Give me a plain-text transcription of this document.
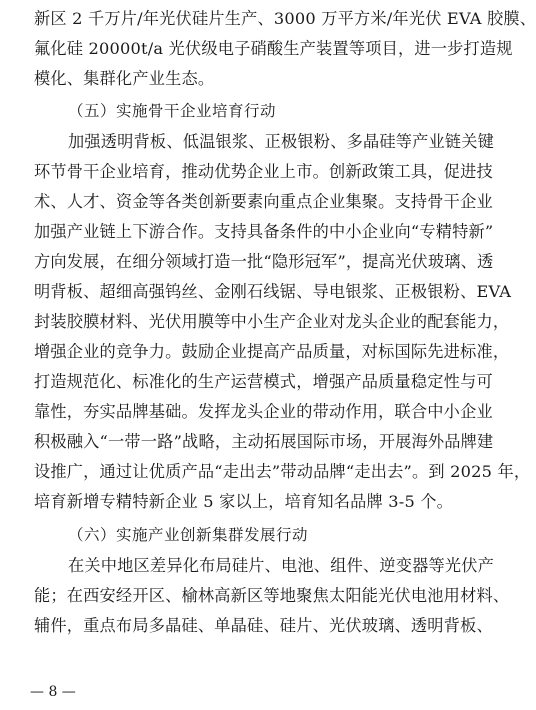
新区 2 千万片/年光伏硅片生产、3000 万平方米/年光伏 EVA 胶膜、
氟化硅 20000t/a 光伏级电子硝酸生产装置等项目，进一步打造规
模化、集群化产业生态。
（五）实施骨干企业培育行动
加强透明背板、低温银浆、正极银粉、多晶硅等产业链关键
环节骨干企业培育，推动优势企业上市。创新政策工具，促进技
术、人才、资金等各类创新要素向重点企业集聚。支持骨干企业
加强产业链上下游合作。支持具备条件的中小企业向“专精特新”
方向发展，在细分领域打造一批“隐形冠军”，提高光伏玻璃、透
明背板、超细高强钨丝、金刚石线锯、导电银浆、正极银粉、EVA
封装胶膜材料、光伏用膜等中小生产企业对龙头企业的配套能力，
增强企业的竞争力。鼓励企业提高产品质量，对标国际先进标准，
打造规范化、标准化的生产运营模式，增强产品质量稳定性与可
靠性，夯实品牌基础。发挥龙头企业的带动作用，联合中小企业
积极融入“一带一路”战略，主动拓展国际市场，开展海外品牌建
设推广，通过让优质产品“走出去”带动品牌“走出去”。到 2025 年，
培育新增专精特新企业 5 家以上，培育知名品牌 3-5 个。
（六）实施产业创新集群发展行动
在关中地区差异化布局硅片、电池、组件、逆变器等光伏产
能；在西安经开区、榆林高新区等地聚焦太阳能光伏电池用材料、
辅件，重点布局多晶硅、单晶硅、硅片、光伏玻璃、透明背板、
— 8 —
